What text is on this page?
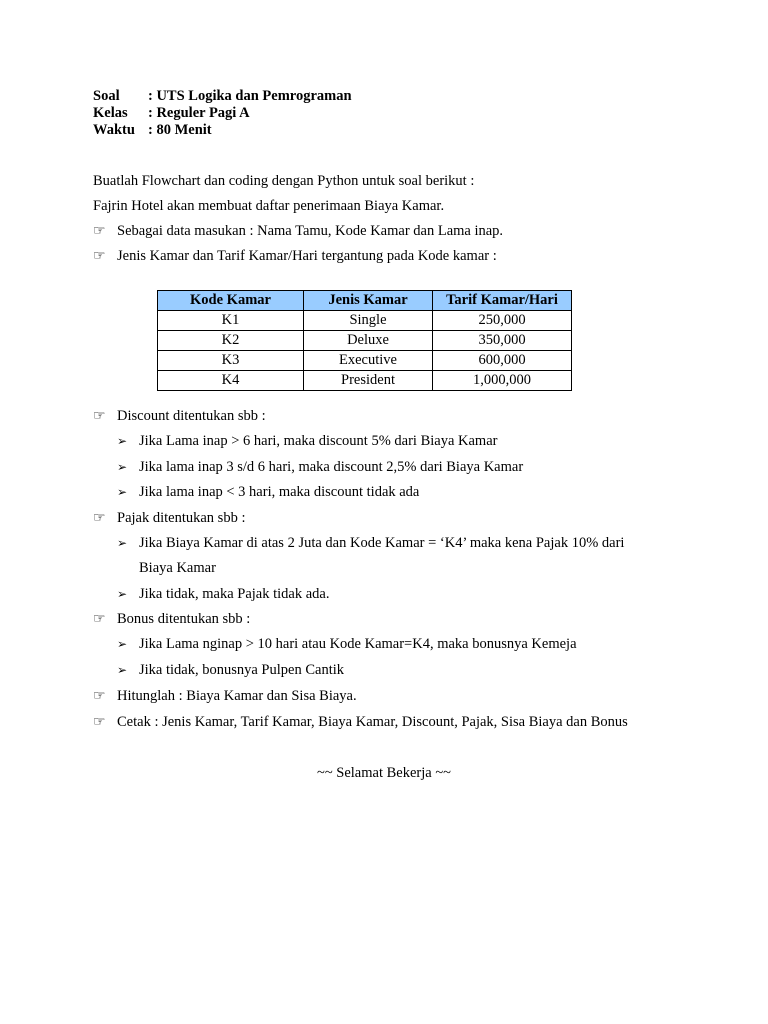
Soal	: UTS Logika dan Pemrograman
Kelas	: Reguler Pagi A
Waktu : 80 Menit
Buatlah Flowchart dan coding dengan Python untuk soal berikut :
Fajrin Hotel akan membuat daftar penerimaan Biaya Kamar.
☞ Sebagai data masukan : Nama Tamu, Kode Kamar dan Lama inap.
☞ Jenis Kamar dan Tarif Kamar/Hari tergantung pada Kode kamar :
Kode Kamar	Jenis Kamar	Tarif Kamar/Hari
K1	Single	250,000
K2	Deluxe	350,000
K3	Executive	600,000
K4	President	1,000,000
☞ Discount ditentukan sbb :
➢ Jika Lama inap > 6 hari, maka discount 5% dari Biaya Kamar
➢ Jika lama inap 3 s/d 6 hari, maka discount 2,5% dari Biaya Kamar
➢ Jika lama inap < 3 hari, maka discount tidak ada
☞ Pajak ditentukan sbb :
➢ Jika Biaya Kamar di atas 2 Juta dan Kode Kamar = ‘K4’ maka kena Pajak 10% dari
Biaya Kamar
➢ Jika tidak, maka Pajak tidak ada.
☞ Bonus ditentukan sbb :
➢ Jika Lama nginap > 10 hari atau Kode Kamar=K4, maka bonusnya Kemeja
➢ Jika tidak, bonusnya Pulpen Cantik
☞ Hitunglah : Biaya Kamar dan Sisa Biaya.
☞ Cetak : Jenis Kamar, Tarif Kamar, Biaya Kamar, Discount, Pajak, Sisa Biaya dan Bonus
~~ Selamat Bekerja ~~
